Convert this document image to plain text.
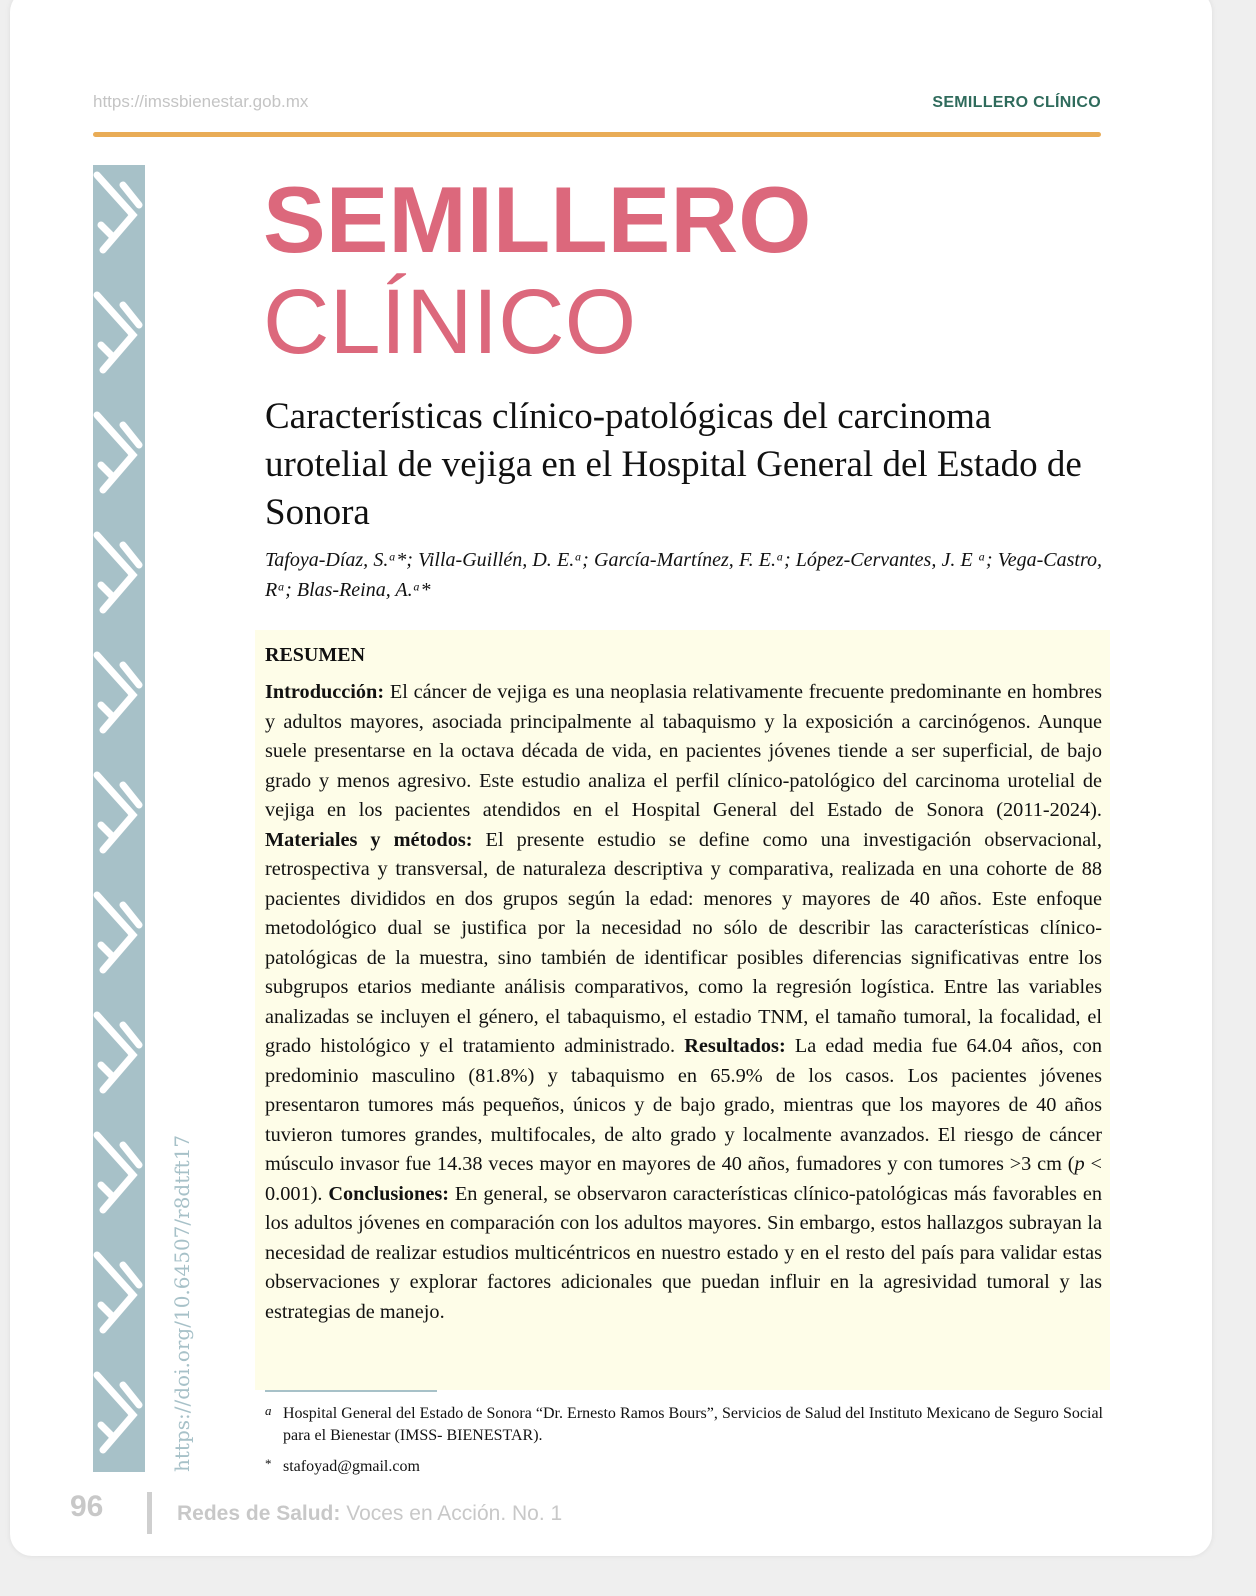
https://imssbienestar.gob.mx	SEMILLERO CLÍNICO
https://doi.org/10.64507/r8dtft17
SEMILLERO
CLÍNICO
Características clínico-patológicas del carcinoma urotelial de vejiga en el Hospital General del Estado de Sonora
Tafoya-Díaz, S.ᵃ*; Villa-Guillén, D. E.ᵃ; García-Martínez, F. E.ᵃ; López-Cervantes, J. E ᵃ; Vega-Castro, Rᵃ; Blas-Reina, A.ᵃ*
RESUMEN
Introducción: El cáncer de vejiga es una neoplasia relativamente frecuente predominante en hombres y adultos mayores, asociada principalmente al tabaquismo y la exposición a carcinógenos. Aunque suele presentarse en la octava década de vida, en pacientes jóvenes tiende a ser superficial, de bajo grado y menos agresivo. Este estudio analiza el perfil clínico-patológico del carcinoma urotelial de vejiga en los pacientes atendidos en el Hospital General del Estado de Sonora (2011-2024). Materiales y métodos: El presente estudio se define como una investigación observacional, retrospectiva y transversal, de naturaleza descriptiva y comparativa, realizada en una cohorte de 88 pacientes divididos en dos grupos según la edad: menores y mayores de 40 años. Este enfoque metodológico dual se justifica por la necesidad no sólo de describir las características clínico-patológicas de la muestra, sino también de identificar posibles diferencias significativas entre los subgrupos etarios mediante análisis comparativos, como la regresión logística. Entre las variables analizadas se incluyen el género, el tabaquismo, el estadio TNM, el tamaño tumoral, la focalidad, el grado histológico y el tratamiento administrado. Resultados: La edad media fue 64.04 años, con predominio masculino (81.8%) y tabaquismo en 65.9% de los casos. Los pacientes jóvenes presentaron tumores más pequeños, únicos y de bajo grado, mientras que los mayores de 40 años tuvieron tumores grandes, multifocales, de alto grado y localmente avanzados. El riesgo de cáncer músculo invasor fue 14.38 veces mayor en mayores de 40 años, fumadores y con tumores >3 cm (p < 0.001). Conclusiones: En general, se observaron características clínico-patológicas más favorables en los adultos jóvenes en comparación con los adultos mayores. Sin embargo, estos hallazgos subrayan la necesidad de realizar estudios multicéntricos en nuestro estado y en el resto del país para validar estas observaciones y explorar factores adicionales que puedan influir en la agresividad tumoral y las estrategias de manejo.
a Hospital General del Estado de Sonora “Dr. Ernesto Ramos Bours”, Servicios de Salud del Instituto Mexicano de Seguro Social para el Bienestar (IMSS- BIENESTAR).
* stafoyad@gmail.com
96	Redes de Salud: Voces en Acción. No. 1
